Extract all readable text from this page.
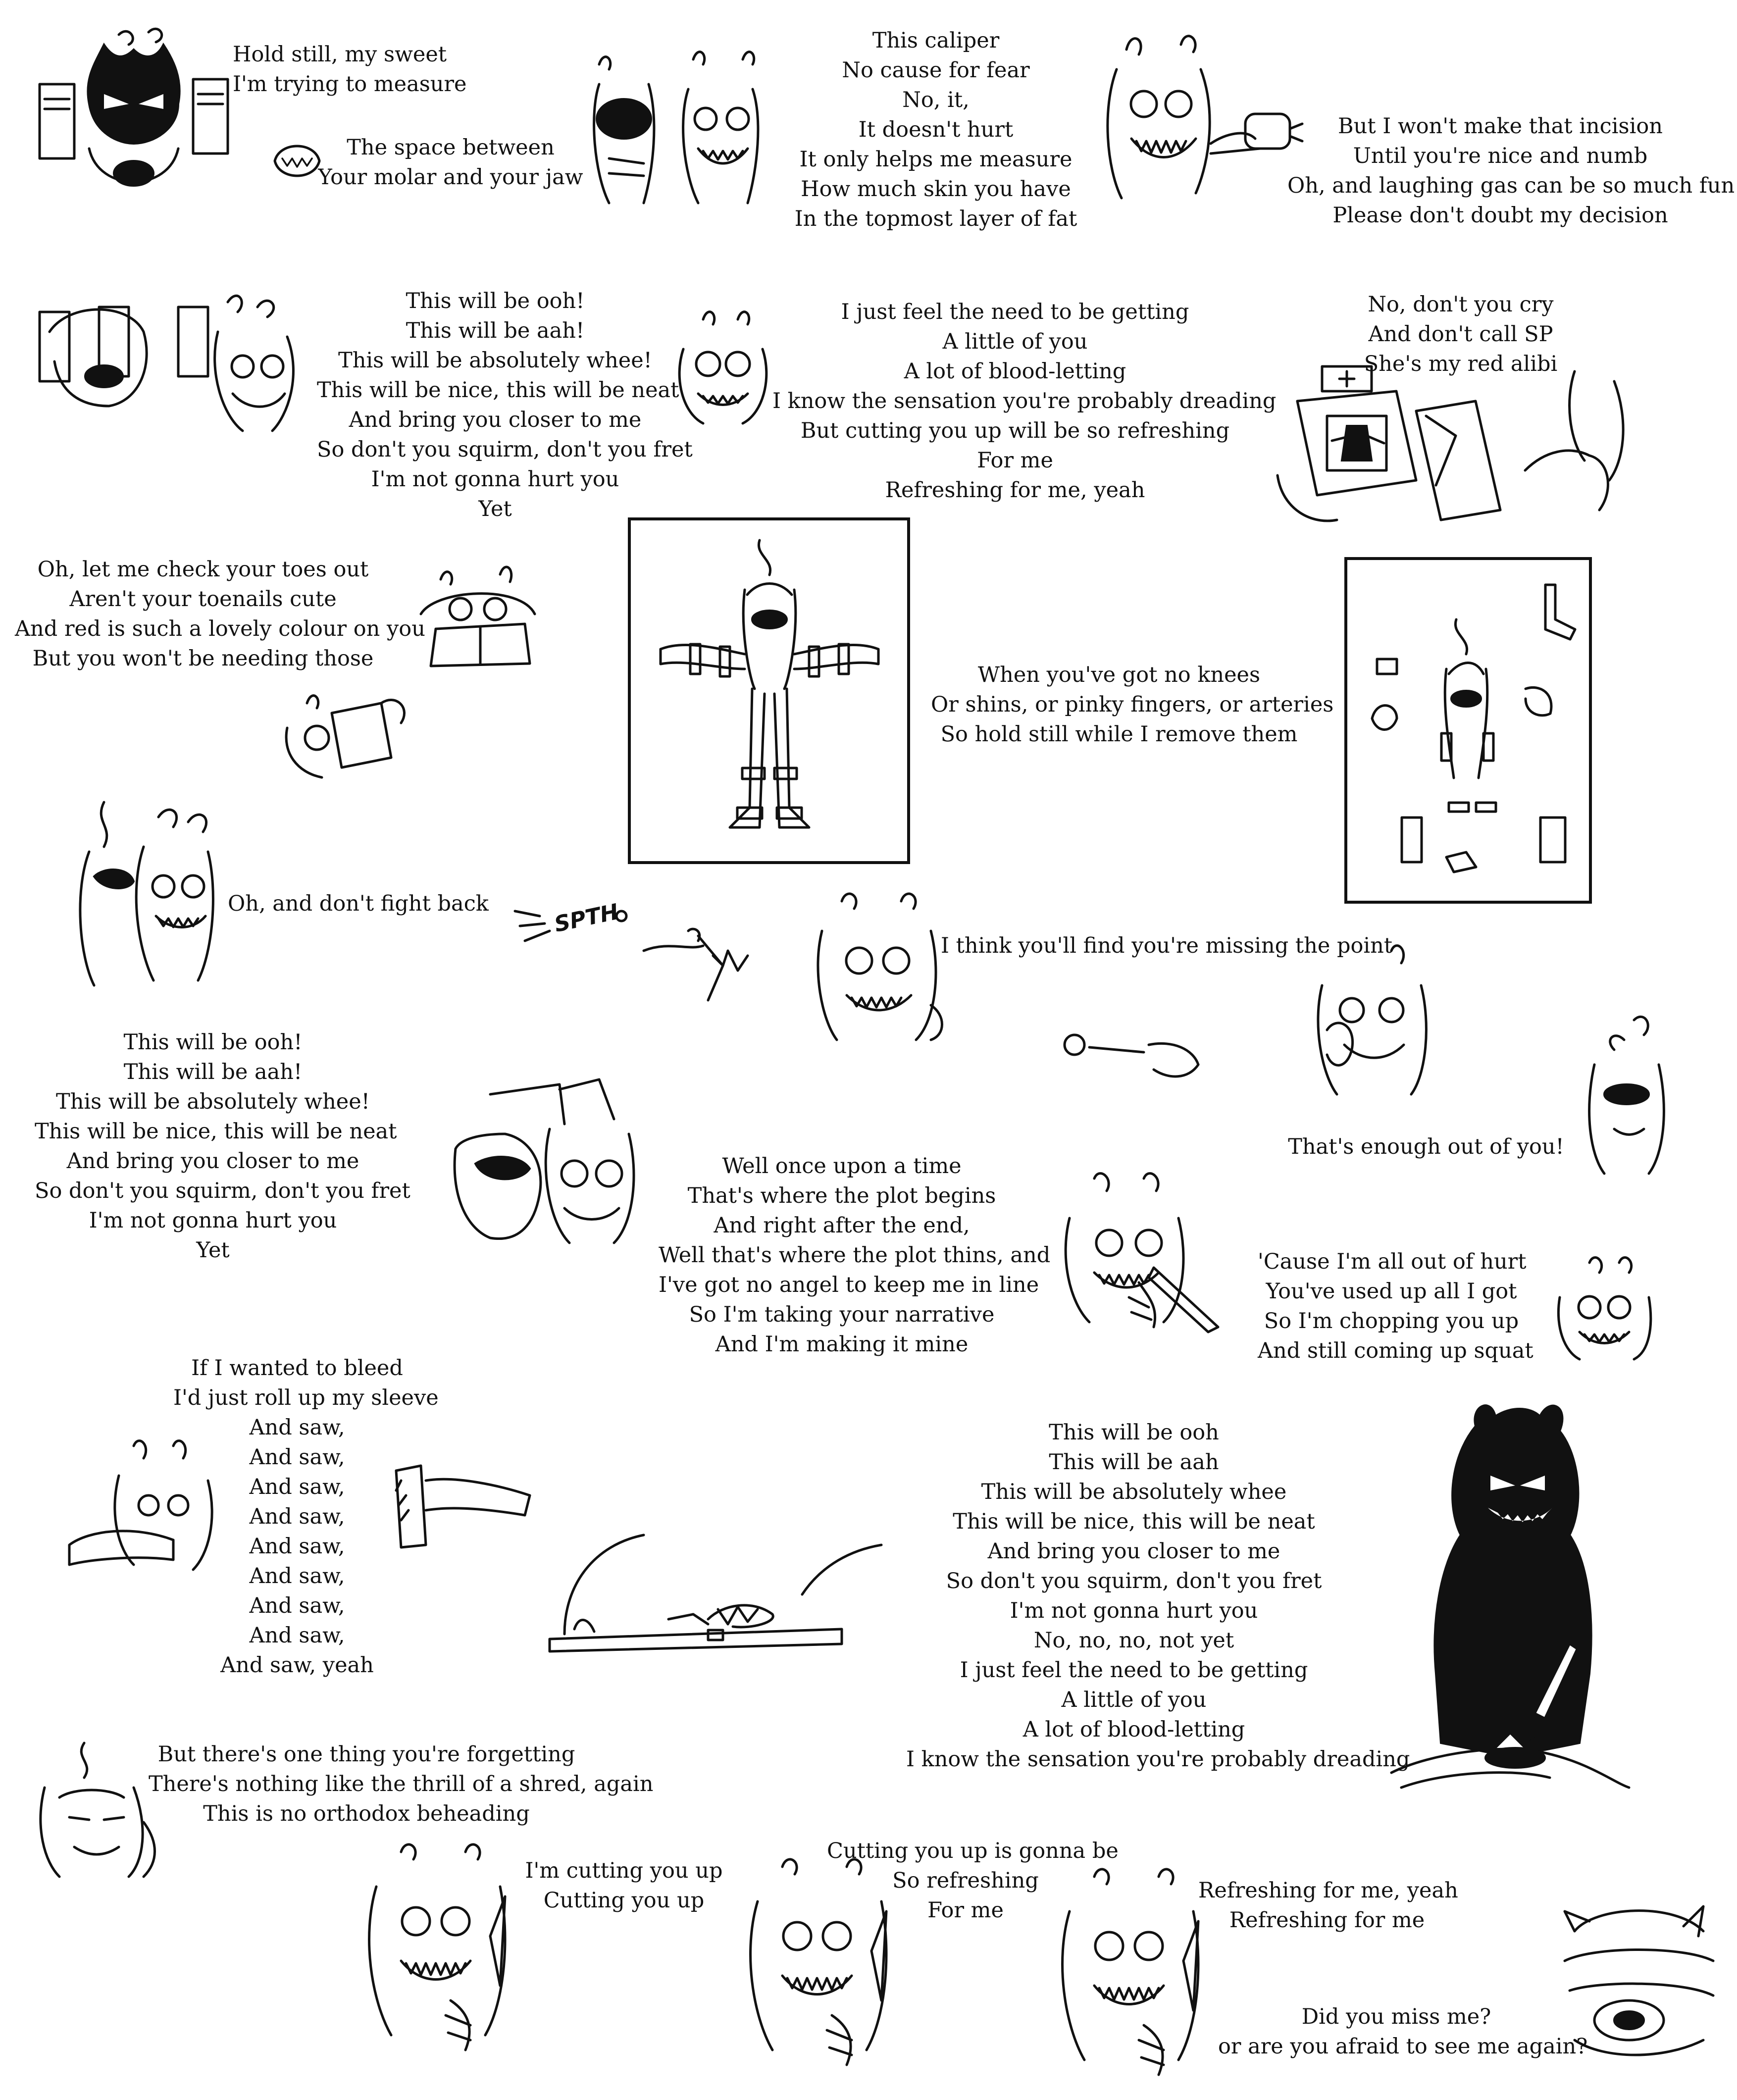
Hold still, my sweet
I'm trying to measure
The space between
Your molar and your jaw
This caliper
No cause for fear
No, it,
It doesn't hurt
It only helps me measure
How much skin you have
In the topmost layer of fat
But I won't make that incision
Until you're nice and numb
Oh, and laughing gas can be so much fun
Please don't doubt my decision
This will be ooh!
This will be aah!
This will be absolutely whee!
This will be nice, this will be neat
And bring you closer to me
So don't you squirm, don't you fret
I'm not gonna hurt you
Yet
I just feel the need to be getting
A little of you
A lot of blood-letting
I know the sensation you're probably dreading
But cutting you up will be so refreshing
For me
Refreshing for me, yeah
No, don't you cry
And don't call SP
She's my red alibi
Oh, let me check your toes out
Aren't your toenails cute
And red is such a lovely colour on you
But you won't be needing those
When you've got no knees
Or shins, or pinky fingers, or arteries
So hold still while I remove them
Oh, and don't fight back
I think you'll find you're missing the point
This will be ooh!
This will be aah!
This will be absolutely whee!
This will be nice, this will be neat
And bring you closer to me
So don't you squirm, don't you fret
I'm not gonna hurt you
Yet
That's enough out of you!
Well once upon a time
That's where the plot begins
And right after the end,
Well that's where the plot thins, and
I've got no angel to keep me in line
So I'm taking your narrative
And I'm making it mine
'Cause I'm all out of hurt
You've used up all I got
So I'm chopping you up
And still coming up squat
If I wanted to bleed
I'd just roll up my sleeve
And saw,
And saw,
And saw,
And saw,
And saw,
And saw,
And saw,
And saw,
And saw, yeah
This will be ooh
This will be aah
This will be absolutely whee
This will be nice, this will be neat
And bring you closer to me
So don't you squirm, don't you fret
I'm not gonna hurt you
No, no, no, not yet
I just feel the need to be getting
A little of you
A lot of blood-letting
I know the sensation you're probably dreading
But there's one thing you're forgetting
There's nothing like the thrill of a shred, again
This is no orthodox beheading
I'm cutting you up
Cutting you up
Cutting you up is gonna be
So refreshing
For me
Refreshing for me, yeah
Refreshing for me
Did you miss me?
or are you afraid to see me again?
SPTH
